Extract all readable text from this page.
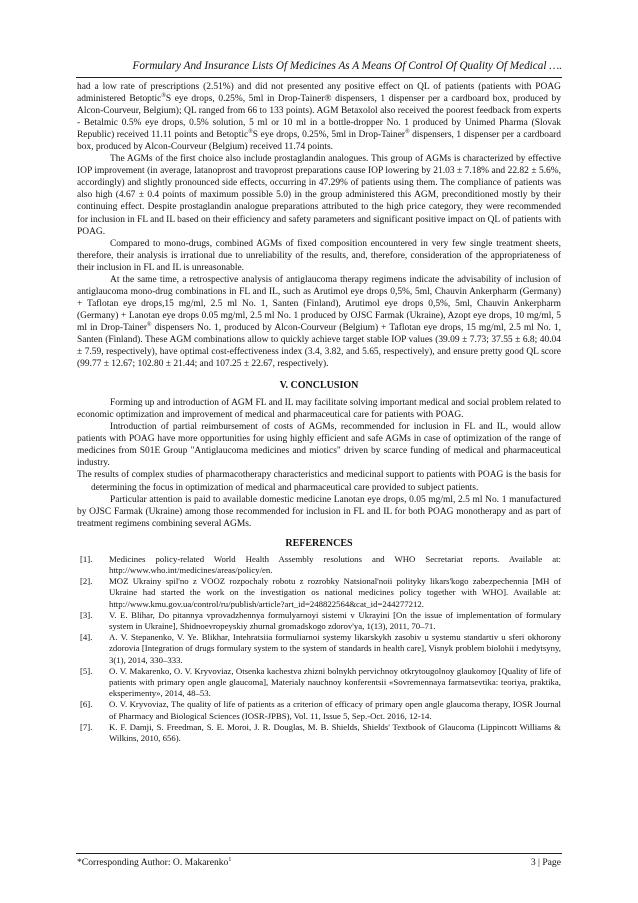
Formulary And Insurance Lists Of Medicines As A Means Of Control Of Quality Of Medical ….

had a low rate of prescriptions (2.51%) and did not presented any positive effect on QL of patients (patients with POAG administered Betoptic®S eye drops, 0.25%, 5ml in Drop-Tainer® dispensers, 1 dispenser per a cardboard box, produced by Alcon-Courveur, Belgium); QL ranged from 66 to 133 points). AGM Betaxolol also received the poorest feedback from experts - Betalmic 0.5% eye drops, 0.5% solution, 5 ml or 10 ml in a bottle-dropper No. 1 produced by Unimed Pharma (Slovak Republic) received 11.11 points and Betoptic®S eye drops, 0.25%, 5ml in Drop-Tainer® dispensers, 1 dispenser per a cardboard box, produced by Alcon-Courveur (Belgium) received 11.74 points.

The AGMs of the first choice also include prostaglandin analogues. This group of AGMs is characterized by effective IOP improvement (in average, latanoprost and travoprost preparations cause IOP lowering by 21.03 ± 7.18% and 22.82 ± 5.6%, accordingly) and slightly pronounced side effects, occurring in 47.29% of patients using them. The compliance of patients was also high (4.67 ± 0.4 points of maximum possible 5.0) in the group administered this AGM, preconditioned mostly by their continuing effect. Despite prostaglandin analogue preparations attributed to the high price category, they were recommended for inclusion in FL and IL based on their efficiency and safety parameters and significant positive impact on QL of patients with POAG.

Compared to mono-drugs, combined AGMs of fixed composition encountered in very few single treatment sheets, therefore, their analysis is irrational due to unreliability of the results, and, therefore, consideration of the appropriateness of their inclusion in FL and IL is unreasonable.

At the same time, a retrospective analysis of antiglaucoma therapy regimens indicate the advisability of inclusion of antiglaucoma mono-drug combinations in FL and IL, such as Arutimol eye drops 0,5%, 5ml, Chauvin Ankerpharm (Germany) + Taflotan eye drops,15 mg/ml, 2.5 ml No. 1, Santen (Finland), Arutimol eye drops 0,5%, 5ml, Chauvin Ankerpharm (Germany) + Lanotan eye drops 0.05 mg/ml, 2.5 ml No. 1 produced by OJSC Farmak (Ukraine), Azopt eye drops, 10 mg/ml, 5 ml in Drop-Tainer® dispensers No. 1, produced by Alcon-Courveur (Belgium) + Taflotan eye drops, 15 mg/ml, 2.5 ml No. 1, Santen (Finland). These AGM combinations allow to quickly achieve target stable IOP values (39.09 ± 7.73; 37.55 ± 6.8; 40.04 ± 7.59, respectively), have optimal cost-effectiveness index (3.4, 3.82, and 5.65, respectively), and ensure pretty good QL score (99.77 ± 12.67; 102.80 ± 21.44; and 107.25 ± 22.67, respectively).

V. CONCLUSION

Forming up and introduction of AGM FL and IL may facilitate solving important medical and social problem related to economic optimization and improvement of medical and pharmaceutical care for patients with POAG.

Introduction of partial reimbursement of costs of AGMs, recommended for inclusion in FL and IL, would allow patients with POAG have more opportunities for using highly efficient and safe AGMs in case of optimization of the range of medicines from S01E Group "Antiglaucoma medicines and miotics" driven by scarce funding of medical and pharmaceutical industry.

The results of complex studies of pharmacotherapy characteristics and medicinal support to patients with POAG is the basis for determining the focus in optimization of medical and pharmaceutical care provided to subject patients.

Particular attention is paid to available domestic medicine Lanotan eye drops, 0.05 mg/ml, 2.5 ml No. 1 manufactured by OJSC Farmak (Ukraine) among those recommended for inclusion in FL and IL for both POAG monotherapy and as part of treatment regimens combining several AGMs.

REFERENCES

[1].	Medicines policy-related World Health Assembly resolutions and WHO Secretariat reports. Available at: http://www.who.int/medicines/areas/policy/en.
[2].	MOZ Ukrainy spil'no z VOOZ rozpochaly robotu z rozrobky Natsional'noii polityky likars'kogo zabezpechennia [MH of Ukraine had started the work on the investigation os national medicines policy together with WHO]. Available at: http://www.kmu.gov.ua/control/ru/publish/article?art_id=248822564&cat_id=244277212.
[3].	V. E. Blihar, Do pitannya vprovadzhennya formulyarnoyi sistemi v Ukrayini [On the issue of implementation of formulary system in Ukraine], Shidnoevropeyskiy zhurnal gromadskogo zdorov'ya, 1(13), 2011, 70–71.
[4].	A. V. Stepanenko, V. Ye. Blikhar, Intehratsiia formuliarnoi systemy likarskykh zasobiv u systemu standartiv u sferi okhorony zdorovia [Integration of drugs formulary system to the system of standards in health care], Visnyk problem biolohii i medytsyny, 3(1), 2014, 330–333.
[5].	O. V. Makarenko, O. V. Kryvoviaz, Otsenka kachestva zhizni bolnykh pervichnoy otkrytougolnoy glaukomoy [Quality of life of patients with primary open angle glaucoma], Materialy nauchnoy konferentsii «Sovremennaya farmatsevtika: teoriya, praktika, eksperimenty», 2014, 48–53.
[6].	O. V. Kryvoviaz, The quality of life of patients as a criterion of efficacy of primary open angle glaucoma therapy, IOSR Journal of Pharmacy and Biological Sciences (IOSR-JPBS), Vol. 11, Issue 5, Sep.-Oct. 2016, 12-14.
[7].	K. F. Damji, S. Freedman, S. E. Moroi, J. R. Douglas, M. B. Shields, Shields' Textbook of Glaucoma (Lippincott Williams & Wilkins, 2010, 656).
*Corresponding Author: O. Makarenko$^1$	3 | Page
